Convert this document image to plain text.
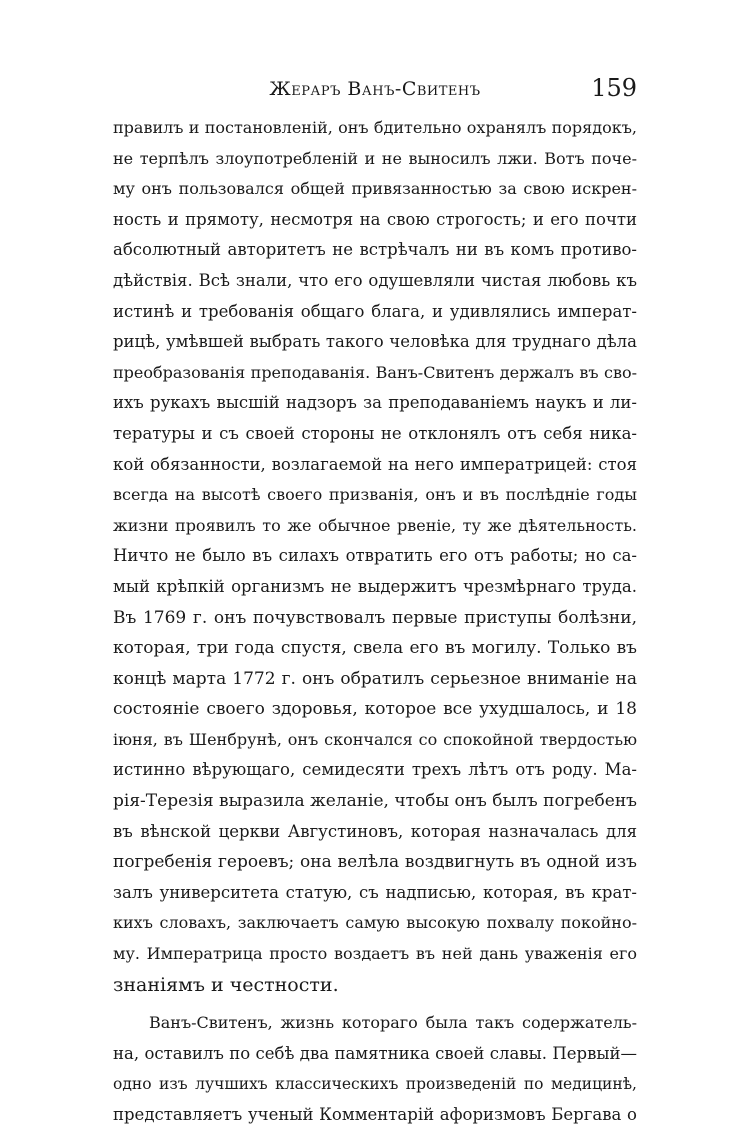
Жераръ Ванъ-Свитенъ	159
правилъ и постановленій, онъ бдительно охранялъ порядокъ,
не терпѣлъ злоупотребленій и не выносилъ лжи. Вотъ поче-
му онъ пользовался общей привязанностью за свою искрен-
ность и прямоту, несмотря на свою строгость; и его почти
абсолютный авторитетъ не встрѣчалъ ни въ комъ противо-
дѣйствія. Всѣ знали, что его одушевляли чистая любовь къ
истинѣ и требованія общаго блага, и удивлялись императ-
рицѣ, умѣвшей выбрать такого человѣка для труднаго дѣла
преобразованія преподаванія. Ванъ-Свитенъ держалъ въ сво-
ихъ рукахъ высшій надзоръ за преподаваніемъ наукъ и ли-
тературы и съ своей стороны не отклонялъ отъ себя ника-
кой обязанности, возлагаемой на него императрицей: стоя
всегда на высотѣ своего призванія, онъ и въ послѣдніе годы
жизни проявилъ то же обычное рвеніе, ту же дѣятельность.
Ничто не было въ силахъ отвратить его отъ работы; но са-
мый крѣпкій организмъ не выдержитъ чрезмѣрнаго труда.
Въ 1769 г. онъ почувствовалъ первые приступы болѣзни,
которая, три года спустя, свела его въ могилу. Только въ
концѣ марта 1772 г. онъ обратилъ серьезное вниманіе на
состояніе своего здоровья, которое все ухудшалось, и 18
іюня, въ Шенбрунѣ, онъ скончался со спокойной твердостью
истинно вѣрующаго, семидесяти трехъ лѣтъ отъ роду. Ма-
рія-Терезія выразила желаніе, чтобы онъ былъ погребенъ
въ вѣнской церкви Августиновъ, которая назначалась для
погребенія героевъ; она велѣла воздвигнуть въ одной изъ
залъ университета статую, съ надписью, которая, въ крат-
кихъ словахъ, заключаетъ самую высокую похвалу покойно-
му. Императрица просто воздаетъ въ ней дань уваженія его
знаніямъ и честности.
Ванъ-Свитенъ, жизнь котораго была такъ содержатель-
на, оставилъ по себѣ два памятника своей славы. Первый—
одно изъ лучшихъ классическихъ произведеній по медицинѣ,
представляетъ ученый Комментарій афоризмовъ Бергава о
